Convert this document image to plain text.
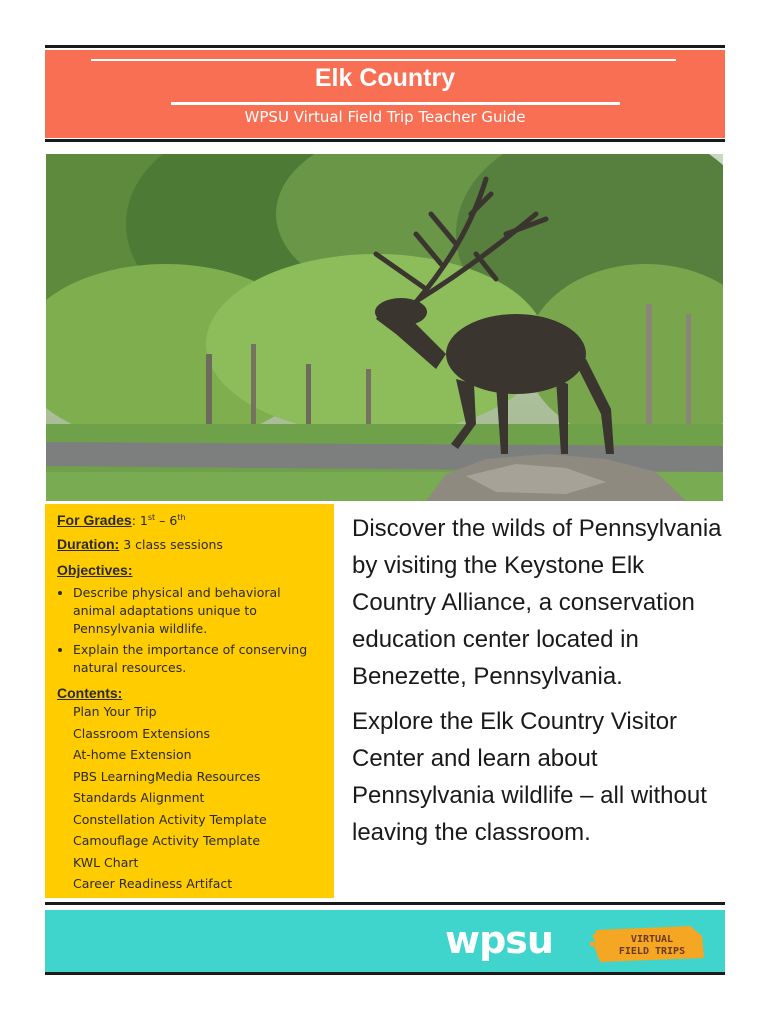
Elk Country
WPSU Virtual Field Trip Teacher Guide
For Grades: 1st – 6th
Duration: 3 class sessions
Objectives:
• Describe physical and behavioral animal adaptations unique to Pennsylvania wildlife.
• Explain the importance of conserving natural resources.
Contents:
Plan Your Trip
Classroom Extensions
At-home Extension
PBS LearningMedia Resources
Standards Alignment
Constellation Activity Template
Camouflage Activity Template
KWL Chart
Career Readiness Artifact

Discover the wilds of Pennsylvania by visiting the Keystone Elk Country Alliance, a conservation education center located in Benezette, Pennsylvania.

Explore the Elk Country Visitor Center and learn about Pennsylvania wildlife – all without leaving the classroom.

wpsu	VIRTUAL
FIELD TRIPS
